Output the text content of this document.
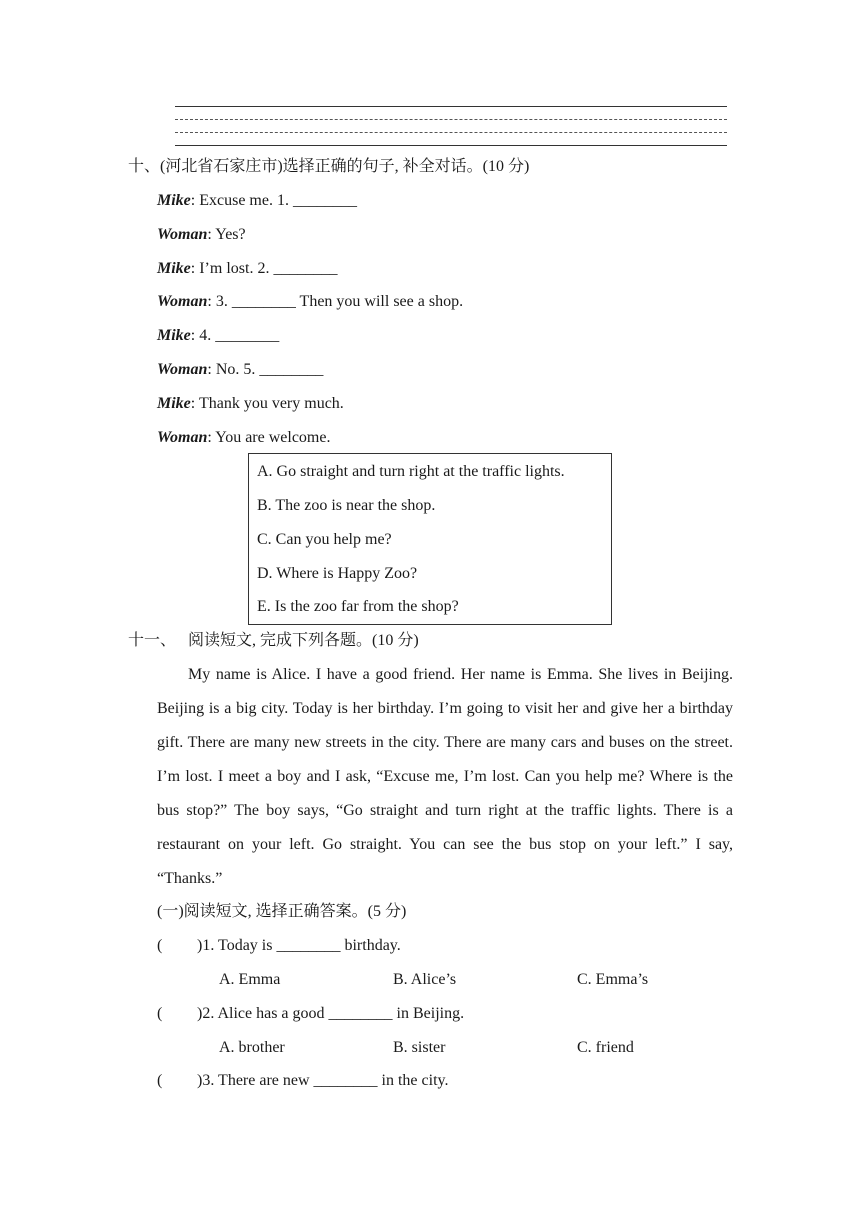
十、(河北省石家庄市)选择正确的句子, 补全对话。(10 分)
Mike: Excuse me. 1. ________
Woman: Yes?
Mike: I’m lost. 2. ________
Woman: 3. ________ Then you will see a shop.
Mike: 4. ________
Woman: No. 5. ________
Mike: Thank you very much.
Woman: You are welcome.
A. Go straight and turn right at the traffic lights.
B. The zoo is near the shop.
C. Can you help me?
D. Where is Happy Zoo?
E. Is the zoo far from the shop?
十一、 阅读短文, 完成下列各题。(10 分)
My name is Alice. I have a good friend. Her name is Emma. She lives in Beijing. Beijing is a big city. Today is her birthday. I’m going to visit her and give her a birthday gift. There are many new streets in the city. There are many cars and buses on the street. I’m lost. I meet a boy and I ask, “Excuse me, I’m lost. Can you help me? Where is the bus stop?” The boy says, “Go straight and turn right at the traffic lights. There is a restaurant on your left. Go straight. You can see the bus stop on your left.” I say, “Thanks.”
(一)阅读短文, 选择正确答案。(5 分)
( )1. Today is ________ birthday.
A. Emma	B. Alice’s	C. Emma’s
( )2. Alice has a good ________ in Beijing.
A. brother	B. sister	C. friend
( )3. There are new ________ in the city.
